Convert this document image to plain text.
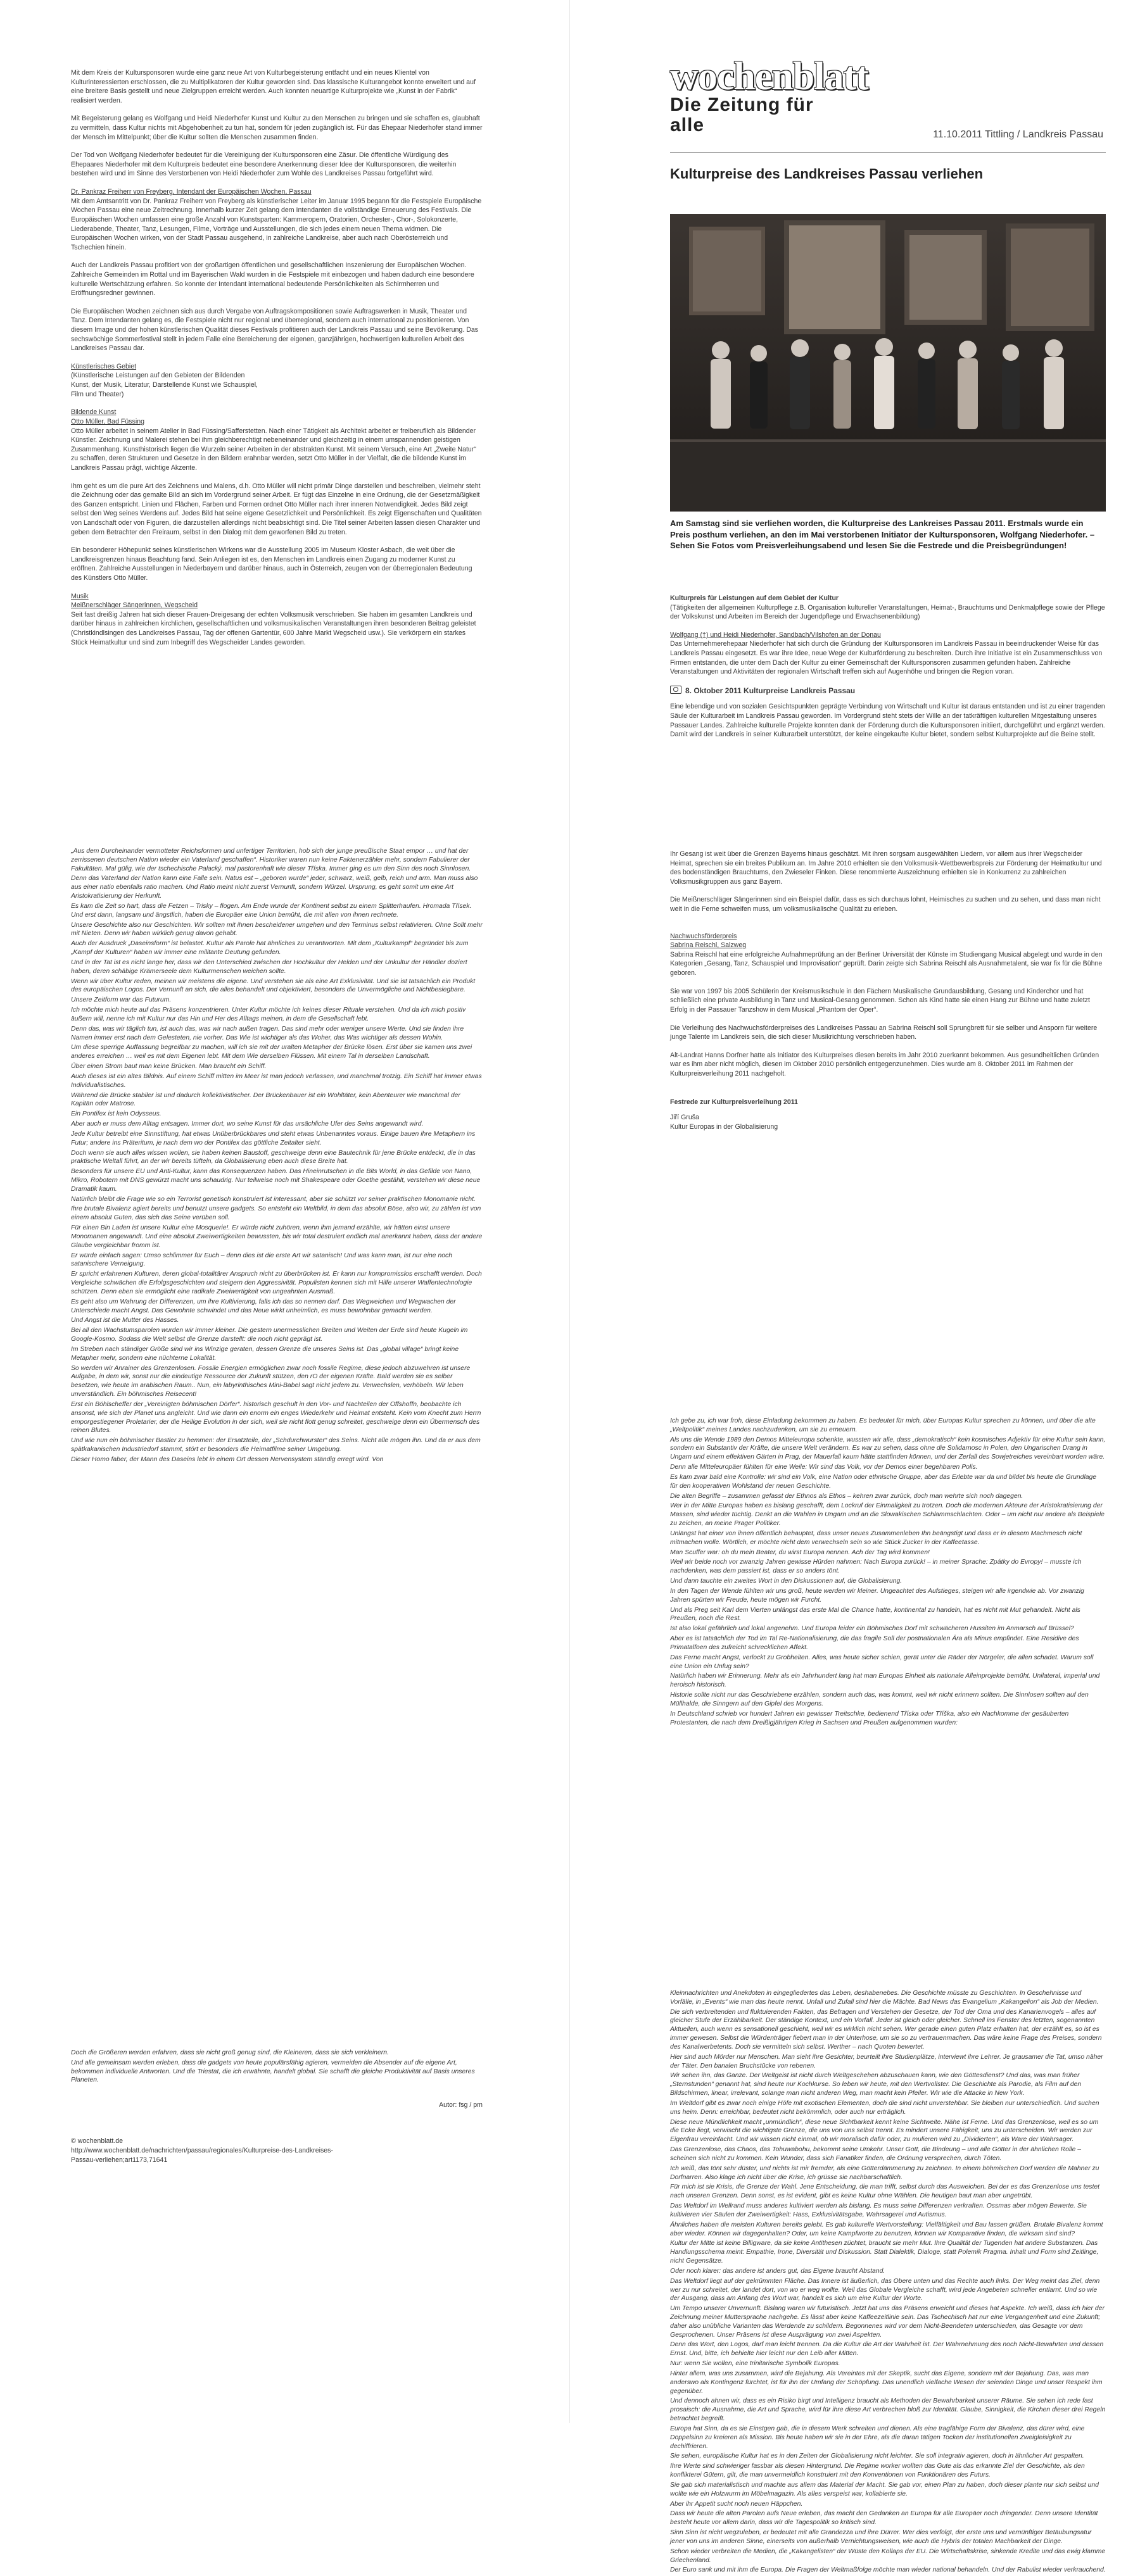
Mit dem Kreis der Kultursponsoren wurde eine ganz neue Art von Kulturbegeisterung entfacht und ein neues Klientel von Kulturinteressierten erschlossen, die zu Multiplikatoren der Kultur geworden sind. Das klassische Kulturangebot konnte erweitert und auf eine breitere Basis gestellt und neue Zielgruppen erreicht werden. Auch konnten neuartige Kulturprojekte wie „Kunst in der Fabrik“ realisiert werden.

Mit Begeisterung gelang es Wolfgang und Heidi Niederhofer Kunst und Kultur zu den Menschen zu bringen und sie schaffen es, glaubhaft zu vermitteln, dass Kultur nichts mit Abgehobenheit zu tun hat, sondern für jeden zugänglich ist. Für das Ehepaar Niederhofer stand immer der Mensch im Mittelpunkt; über die Kultur sollten die Menschen zusammen finden.

Der Tod von Wolfgang Niederhofer bedeutet für die Vereinigung der Kultursponsoren eine Zäsur. Die öffentliche Würdigung des Ehepaares Niederhofer mit dem Kulturpreis bedeutet eine besondere Anerkennung dieser Idee der Kultursponsoren, die weiterhin bestehen wird und im Sinne des Verstorbenen von Heidi Niederhofer zum Wohle des Landkreises Passau fortgeführt wird.

Dr. Pankraz Freiherr von Freyberg, Intendant der Europäischen Wochen, Passau

Mit dem Amtsantritt von Dr. Pankraz Freiherr von Freyberg als künstlerischer Leiter im Januar 1995 begann für die Festspiele Europäische Wochen Passau eine neue Zeitrechnung. Innerhalb kurzer Zeit gelang dem Intendanten die vollständige Erneuerung des Festivals. Die Europäischen Wochen umfassen eine große Anzahl von Kunstsparten: Kammeropern, Oratorien, Orchester-, Chor-, Solokonzerte, Liederabende, Theater, Tanz, Lesungen, Filme, Vorträge und Ausstellungen, die sich jedes einem neuen Thema widmen. Die Europäischen Wochen wirken, von der Stadt Passau ausgehend, in zahlreiche Landkreise, aber auch nach Oberösterreich und Tschechien hinein.

Auch der Landkreis Passau profitiert von der großartigen öffentlichen und gesellschaftlichen Inszenierung der Europäischen Wochen. Zahlreiche Gemeinden im Rottal und im Bayerischen Wald wurden in die Festspiele mit einbezogen und haben dadurch eine besondere kulturelle Wertschätzung erfahren. So konnte der Intendant international bedeutende Persönlichkeiten als Schirmherren und Eröffnungsredner gewinnen.

Die Europäischen Wochen zeichnen sich aus durch Vergabe von Auftragskompositionen sowie Auftragswerken in Musik, Theater und Tanz. Dem Intendanten gelang es, die Festspiele nicht nur regional und überregional, sondern auch international zu positionieren. Von diesem Image und der hohen künstlerischen Qualität dieses Festivals profitieren auch der Landkreis Passau und seine Bevölkerung. Das sechswöchige Sommerfestival stellt in jedem Falle eine Bereicherung der eigenen, ganzjährigen, hochwertigen kulturellen Arbeit des Landkreises Passau dar.

Künstlerisches Gebiet

(Künstlerische Leistungen auf den Gebieten der Bildenden Kunst, der Musik, Literatur, Darstellende Kunst wie Schauspiel, Film und Theater)

Bildende Kunst
Otto Müller, Bad Füssing

Otto Müller arbeitet in seinem Atelier in Bad Füssing/Safferstetten. Nach einer Tätigkeit als Architekt arbeitet er freiberuflich als Bildender Künstler. Zeichnung und Malerei stehen bei ihm gleichberechtigt nebeneinander und gleichzeitig in einem umspannenden geistigen Zusammenhang. Kunsthistorisch liegen die Wurzeln seiner Arbeiten in der abstrakten Kunst. Mit seinem Versuch, eine Art „Zweite Natur“ zu schaffen, deren Strukturen und Gesetze in den Bildern erahnbar werden, setzt Otto Müller in der Vielfalt, die die bildende Kunst im Landkreis Passau prägt, wichtige Akzente.

Ihm geht es um die pure Art des Zeichnens und Malens, d.h. Otto Müller will nicht primär Dinge darstellen und beschreiben, vielmehr steht die Zeichnung oder das gemalte Bild an sich im Vordergrund seiner Arbeit. Er fügt das Einzelne in eine Ordnung, die der Gesetzmäßigkeit des Ganzen entspricht. Linien und Flächen, Farben und Formen ordnet Otto Müller nach ihrer inneren Notwendigkeit. Jedes Bild zeigt selbst den Weg seines Werdens auf. Jedes Bild hat seine eigene Gesetzlichkeit und Persönlichkeit. Es zeigt Eigenschaften und Qualitäten von Landschaft oder von Figuren, die darzustellen allerdings nicht beabsichtigt sind. Die Titel seiner Arbeiten lassen diesen Charakter und geben dem Betrachter den Freiraum, selbst in den Dialog mit dem geworfenen Bild zu treten.

Ein besonderer Höhepunkt seines künstlerischen Wirkens war die Ausstellung 2005 im Museum Kloster Asbach, die weit über die Landkreisgrenzen hinaus Beachtung fand. Sein Anliegen ist es, den Menschen im Landkreis einen Zugang zu moderner Kunst zu eröffnen. Zahlreiche Ausstellungen in Niederbayern und darüber hinaus, auch in Österreich, zeugen von der überregionalen Bedeutung des Künstlers Otto Müller.

Musik
Meißnerschläger Sängerinnen, Wegscheid

Seit fast dreißig Jahren hat sich dieser Frauen-Dreigesang der echten Volksmusik verschrieben. Sie haben im gesamten Landkreis und darüber hinaus in zahlreichen kirchlichen, gesellschaftlichen und volksmusikalischen Veranstaltungen ihren besonderen Beitrag geleistet (Christkindlsingen des Landkreises Passau, Tag der offenen Gartentür, 600 Jahre Markt Wegscheid usw.). Sie verkörpern ein starkes Stück Heimatkultur und sind zum Inbegriff des Wegscheider Landes geworden.

„Aus dem Durcheinander vermotteter Reichsformen und unfertiger Territorien, hob sich der junge preußische Staat empor … und hat der zerrissenen deutschen Nation wieder ein Vaterland geschaffen“. Historiker waren nun keine Faktenerzähler mehr, sondern Fabulierer der Fakultäten. Mal gülig, wie der tschechische Palacký, mal pastorenhaft wie dieser Tříska. Immer ging es um den Sinn des noch Sinnlosen.

Denn das Vaterland der Nation kann eine Falle sein. Natus est – „geboren wurde“ jeder, schwarz, weiß, gelb, reich und arm. Man muss also aus einer natio ebenfalls ratio machen. Und Ratio meint nicht zuerst Vernunft, sondern Würzel. Ursprung, es geht somit um eine Art Aristokratisierung der Herkunft.

Es kam die Zeit so hart, dass die Fetzen – Trisky – flogen. Am Ende wurde der Kontinent selbst zu einem Splitterhaufen. Hromada Třisek. Und erst dann, langsam und ängstlich, haben die Europäer eine Union bemüht, die mit allen von ihnen rechnete.

Unsere Geschichte also nur Geschichten. Wir sollten mit ihnen bescheidener umgehen und den Terminus selbst relativieren. Ohne Sollt mehr mit Nieten. Denn wir haben wirklich genug davon gehabt.

Auch der Ausdruck „Daseinsform“ ist belastet. Kultur als Parole hat ähnliches zu verantworten. Mit dem „Kulturkampf“ begründet bis zum „Kampf der Kulturen“ haben wir immer eine militante Deutung gefunden.

Und in der Tat ist es nicht lange her, dass wir den Unterschied zwischen der Hochkultur der Helden und der Unkultur der Händler doziert haben, deren schäbige Krämerseele dem Kulturmenschen weichen sollte.

Wenn wir über Kultur reden, meinen wir meistens die eigene. Und verstehen sie als eine Art Exklusivität. Und sie ist tatsächlich ein Produkt des europäischen Logos. Der Vernunft an sich, die alles behandelt und objektiviert, besonders die Unvermögliche und Nichtbesiegbare.

Unsere Zeitform war das Futurum.

Ich möchte mich heute auf das Präsens konzentrieren. Unter Kultur möchte ich keines dieser Rituale verstehen. Und da ich mich positiv äußern will, nenne ich mit Kultur nur das Hin und Her des Alltags meinen, in dem die Gesellschaft lebt.

Denn das, was wir täglich tun, ist auch das, was wir nach außen tragen. Das sind mehr oder weniger unsere Werte. Und sie finden ihre Namen immer erst nach dem Gelesteten, nie vorher. Das Wie ist wichtiger als das Woher, das Was wichtiger als dessen Wohin.

Um diese sperrige Auffassung begreifbar zu machen, will ich sie mit der uralten Metapher der Brücke lösen. Erst über sie kamen uns zwei anderes erreichen … weil es mit dem Eigenen lebt. Mit dem Wie derselben Flüssen. Mit einem Tal in derselben Landschaft.

Über einen Strom baut man keine Brücken. Man braucht ein Schiff.

Auch dieses ist ein altes Bildnis. Auf einem Schiff mitten im Meer ist man jedoch verlassen, und manchmal trotzig. Ein Schiff hat immer etwas Individualistisches.

Während die Brücke stabiler ist und dadurch kollektivistischer. Der Brückenbauer ist ein Wohltäter, kein Abenteurer wie manchmal der Kapitän oder Matrose.

Ein Pontifex ist kein Odysseus.

Aber auch er muss dem Alltag entsagen. Immer dort, wo seine Kunst für das ursächliche Ufer des Seins angewandt wird.

Jede Kultur betreibt eine Sinnstiftung, hat etwas Unüberbrückbares und steht etwas Unbenanntes voraus. Einige bauen ihre Metaphern ins Futur; andere ins Präteritum, je nach dem wo der Pontifex das göttliche Zeitalter sieht.

Doch wenn sie auch alles wissen wollen, sie haben keinen Baustoff, geschweige denn eine Bautechnik für jene Brücke entdeckt, die in das praktische Weltall führt, an der wir bereits tüfteln, da Globalisierung eben auch diese Breite hat.

Besonders für unsere EU und Anti-Kultur, kann das Konsequenzen haben. Das Hineinrutschen in die Bits World, in das Gefilde von Nano, Mikro, Robotern mit DNS gewürzt macht uns schaudrig. Nur teilweise noch mit Shakespeare oder Goethe gestählt, verstehen wir diese neue Dramatik kaum.

Natürlich bleibt die Frage wie so ein Terrorist genetisch konstruiert ist interessant, aber sie schützt vor seiner praktischen Monomanie nicht.

Ihre brutale Bivalenz agiert bereits und benutzt unsere gadgets. So entsteht ein Weltbild, in dem das absolut Böse, also wir, zu zählen ist von einem absolut Guten, das sich das Seine verüben soll.

Für einen Bin Laden ist unsere Kultur eine Mosquerie!. Er würde nicht zuhören, wenn ihm jemand erzählte, wir hätten einst unsere Monomanen angewandt. Und eine absolut Zweiwertigkeiten bewussten, bis wir total destruiert endlich mal anerkannt haben, dass der andere Glaube vergleichbar fromm ist.

Er würde einfach sagen: Umso schlimmer für Euch – denn dies ist die erste Art wir satanisch! Und was kann man, ist nur eine noch satanischere Verneigung.

Er spricht erfahrenen Kulturen, deren global-totalitärer Anspruch nicht zu überbrücken ist. Er kann nur kompromisslos erschafft werden. Doch Vergleiche schwächen die Erfolgsgeschichten und steigern den Aggressivität. Populisten kennen sich mit Hilfe unserer Waffentechnologie schützen. Denn eben sie ermöglicht eine radikale Zweiwertigkeit von ungeahnten Ausmaß.

Es geht also um Wahrung der Differenzen, um ihre Kultivierung, falls ich das so nennen darf. Das Wegweichen und Wegwachen der Unterschiede macht Angst. Das Gewohnte schwindet und das Neue wirkt unheimlich, es muss bewohnbar gemacht werden.

Und Angst ist die Mutter des Hasses.

Bei all den Wachstumsparolen wurden wir immer kleiner. Die gestern unermesslichen Breiten und Weiten der Erde sind heute Kugeln im Google-Kosmo. Sodass die Welt selbst die Grenze darstellt: die noch nicht geprägt ist.

Im Streben nach ständiger Größe sind wir ins Winzige geraten, dessen Grenze die unseres Seins ist. Das „global village“ bringt keine Metapher mehr, sondern eine nüchterne Lokalität.

So werden wir Anrainer des Grenzenlosen. Fossile Energien ermöglichen zwar noch fossile Regime, diese jedoch abzuwehren ist unsere Aufgabe, in dem wir, sonst nur die eindeutige Ressource der Zukunft stützen, den rO der eigenen Kräfte. Bald werden sie es selber besetzen, wie heute im arabischen Raum.. Nun, ein labyrinthisches Mini-Babel sagt nicht jedem zu. Verwechslen, verhöbeln. Wir leben unverständlich. Ein böhmisches Reisecent!

Erst ein Böhlscheffer der „Vereinigten böhmischen Dörfer“. historisch geschult in den Vor- und Nachteilen der Offshoffn, beobachte ich ansonst, wie sich der Planet uns angleicht. Und wie dann ein enorm ein enges Wiederkehr und Heimat entsteht. Kein vom Knecht zum Herrn emporgestiegener Proletarier, der die Heilige Evolution in der sich, weil sie nicht flott genug schreitet, geschweige denn ein Übermensch des reinen Blutes.

Und wie nun ein böhmischer Bastler zu hemmen: der Ersatzteile, der „Schdurchwurster“ des Seins. Nicht alle mögen ihn. Und da er aus dem spätkakanischen Industriedorf stammt, stört er besonders die Heimatfilme seiner Umgebung.

Dieser Homo faber, der Mann des Daseins lebt in einem Ort dessen Nervensystem ständig erregt wird. Von

Doch die Größeren werden erfahren, dass sie nicht groß genug sind, die Kleineren, dass sie sich verkleinern.

Und alle gemeinsam werden erleben, dass die gadgets von heute populärsfähig agieren, vermeiden die Absender auf die eigene Art, bekommen individuelle Antworten. Und die Triestat, die ich erwähnte, handelt global. Sie schafft die gleiche Produktivität auf Basis unseres Planeten.

Autor: fsg / pm
© wochenblatt.de
http://www.wochenblatt.de/nachrichten/passau/regionales/Kulturpreise-des-Landkreises-Passau-verliehen;art1173,71641
wochenblatt
Die Zeitung für alle	11.10.2011 Tittling / Landkreis Passau
Kulturpreise des Landkreises Passau verliehen
Am Samstag sind sie verliehen worden, die Kulturpreise des Lankreises Passau 2011. Erstmals wurde ein Preis posthum verliehen, an den im Mai verstorbenen Initiator der Kultursponsoren, Wolfgang Niederhofer. – Sehen Sie Fotos vom Preisverleihungsabend und lesen Sie die Festrede und die Preisbegründungen!
Kulturpreis für Leistungen auf dem Gebiet der Kultur

(Tätigkeiten der allgemeinen Kulturpflege z.B. Organisation kultureller Veranstaltungen, Heimat-, Brauchtums und Denkmalpflege sowie der Pflege der Volkskunst und Arbeiten im Bereich der Jugendpflege und Erwachsenenbildung)

Wolfgang (†) und Heidi Niederhofer, Sandbach/Vilshofen an der Donau

Das Unternehmerehepaar Niederhofer hat sich durch die Gründung der Kultursponsoren im Landkreis Passau in beeindruckender Weise für das Landkreis Passau eingesetzt. Es war ihre Idee, neue Wege der Kulturförderung zu beschreiten. Durch ihre Initiative ist ein Zusammenschluss von Firmen entstanden, die unter dem Dach der Kultur zu einer Gemeinschaft der Kultursponsoren zusammen gefunden haben. Zahlreiche Veranstaltungen und Aktivitäten der regionalen Wirtschaft treffen sich auf Augenhöhe und bringen die Region voran.

8. Oktober 2011 Kulturpreise Landkreis Passau

Eine lebendige und von sozialen Gesichtspunkten geprägte Verbindung von Wirtschaft und Kultur ist daraus entstanden und ist zu einer tragenden Säule der Kulturarbeit im Landkreis Passau geworden. Im Vordergrund steht stets der Wille an der tatkräftigen kulturellen Mitgestaltung unseres Passauer Landes. Zahlreiche kulturelle Projekte konnten dank der Förderung durch die Kultursponsoren initiiert, durchgeführt und ergänzt werden. Damit wird der Landkreis in seiner Kulturarbeit unterstützt, der keine eingekaufte Kultur bietet, sondern selbst Kulturprojekte auf die Beine stellt.

Ihr Gesang ist weit über die Grenzen Bayerns hinaus geschätzt. Mit ihren sorgsam ausgewählten Liedern, vor allem aus ihrer Wegscheider Heimat, sprechen sie ein breites Publikum an. Im Jahre 2010 erhielten sie den Volksmusik-Wettbewerbspreis zur Förderung der Heimatkultur und des bodenständigen Brauchtums, den Zwieseler Finken. Diese renommierte Auszeichnung erhielten sie in Konkurrenz zu zahlreichen Volksmusikgruppen aus ganz Bayern.

Die Meißnerschläger Sängerinnen sind ein Beispiel dafür, dass es sich durchaus lohnt, Heimisches zu suchen und zu sehen, und dass man nicht weit in die Ferne schweifen muss, um volksmusikalische Qualität zu erleben.

Nachwuchsförderpreis
Sabrina Reischl, Salzweg

Sabrina Reischl hat eine erfolgreiche Aufnahmeprüfung an der Berliner Universität der Künste im Studiengang Musical abgelegt und wurde in den Kategorien „Gesang, Tanz, Schauspiel und Improvisation“ geprüft. Darin zeigte sich Sabrina Reischl als Ausnahmetalent, sie war fix für die Bühne geboren.

Sie war von 1997 bis 2005 Schülerin der Kreismusikschule in den Fächern Musikalische Grundausbildung, Gesang und Kinderchor und hat schließlich eine private Ausbildung in Tanz und Musical-Gesang genommen. Schon als Kind hatte sie einen Hang zur Bühne und hatte zuletzt Erfolg in der Passauer Tanzshow in dem Musical „Phantom der Oper“.

Die Verleihung des Nachwuchsförderpreises des Landkreises Passau an Sabrina Reischl soll Sprungbrett für sie selber und Ansporn für weitere junge Talente im Landkreis sein, die sich dieser Musikrichtung verschrieben haben.

Alt-Landrat Hanns Dorfner hatte als Initiator des Kulturpreises diesen bereits im Jahr 2010 zuerkannt bekommen. Aus gesundheitlichen Gründen war es ihm aber nicht möglich, diesen im Oktober 2010 persönlich entgegenzunehmen. Dies wurde am 8. Oktober 2011 im Rahmen der Kulturpreisverleihung 2011 nachgeholt.

Festrede zur Kulturpreisverleihung 2011
Jiří Gruša
Kultur Europas in der Globalisierung

Ich gebe zu, ich war froh, diese Einladung bekommen zu haben. Es bedeutet für mich, über Europas Kultur sprechen zu können, und über die alte „Weltpolitik“ meines Landes nachzudenken, um sie zu erneuern.

Als uns die Wende 1989 den Demos Mitteleuropa schenkte, wussten wir alle, dass „demokratisch“ kein kosmisches Adjektiv für eine Kultur sein kann, sondern ein Substantiv der Kräfte, die unsere Welt verändern. Es war zu sehen, dass ohne die Solidarnosc in Polen, den Ungarischen Drang in Ungarn und einem effektiven Gärten in Prag, der Mauerfall kaum hätte stattfinden können, und der Zerfall des Sowjetreiches vereinbart worden wäre.

Denn alle Mitteleuropäer fühlten für eine Weile: Wir sind das Volk, vor der Demos einer begehbaren Polis.

Es kam zwar bald eine Kontrolle: wir sind ein Volk, eine Nation oder ethnische Gruppe, aber das Erlebte war da und bildet bis heute die Grundlage für den kooperativen Wohlstand der neuen Geschichte.

Die alten Begriffe – zusammen gefasst der Ethnos als Ethos – kehren zwar zurück, doch man wehrte sich noch dagegen.

Wer in der Mitte Europas haben es bislang geschafft, dem Lockruf der Einmaligkeit zu trotzen. Doch die modernen Akteure der Aristokratisierung der Massen, sind wieder tüchtig. Denkt an die Wahlen in Ungarn und an die Slowakischen Schlammschlachten. Oder – um nicht nur andere als Beispiele zu zeichen, an meine Prager Politiker.

Unlängst hat einer von ihnen öffentlich behauptet, dass unser neues Zusammenleben Ihn beängstigt und dass er in diesem Machmesch nicht mitmachen wolle. Wörtlich, er möchte nicht dem verwechseln sein so wie Stück Zucker in der Kaffeetasse.

Man Scuffer war: oh du mein Beater, du wirst Europa nennen. Ach der Tag wird kommen!

Weil wir beide noch vor zwanzig Jahren gewisse Hürden nahmen: Nach Europa zurück! – in meiner Sprache: Zpátky do Evropy! – musste ich nachdenken, was dem passiert ist, dass er so anders tönt.

Und dann tauchte ein zweites Wort in den Diskussionen auf, die Globalisierung.

In den Tagen der Wende fühlten wir uns groß, heute werden wir kleiner. Ungeachtet des Aufstieges, steigen wir alle irgendwie ab. Vor zwanzig Jahren spürten wir Freude, heute mögen wir Furcht.

Und als Preg seit Karl dem Vierten unlängst das erste Mal die Chance hatte, kontinental zu handeln, hat es nicht mit Mut gehandelt. Nicht als Preußen, noch die Rest.

Ist also lokal gefährlich und lokal angenehm. Und Europa leider ein Böhmisches Dorf mit schwächeren Hussiten im Anmarsch auf Brüssel?

Aber es ist tatsächlich der Tod im Tal Re-Nationalisierung, die das fragile Soll der postnationalen Ära als Minus empfindet. Eine Residive des Primatalfoen des zufreicht schrecklichen Affekt.

Das Ferne macht Angst, verlockt zu Grobheiten. Alles, was heute sicher schien, gerät unter die Räder der Nörgeler, die allen schadet. Warum soll eine Union ein Unfug sein?

Natürlich haben wir Erinnerung. Mehr als ein Jahrhundert lang hat man Europas Einheit als nationale Alleinprojekte bemüht. Unilateral, imperial und heroisch historisch.

Historie sollte nicht nur das Geschriebene erzählen, sondern auch das, was kommt, weil wir nicht erinnern sollten. Die Sinnlosen sollten auf den Müllhalde, die Sinngern auf den Gipfel des Morgens.

In Deutschland schrieb vor hundert Jahren ein gewisser Treitschke, bedienend Tříska oder Tříška, also ein Nachkomme der gesäuberten Protestanten, die nach dem Dreißigjährigen Krieg in Sachsen und Preußen aufgenommen wurden:

Kleinnachrichten und Anekdoten in eingegliedertes das Leben, deshabenebes. Die Geschichte müsste zu Geschichten. In Geschehnisse und Vorfälle, in „Events“ wie man das heute nennt. Unfall und Zufall sind hier die Mächte. Bad News das Evangelium „Kakangelion“ als Job der Medien.

Die sich verbreitenden und fluktuierenden Fakten, das Befragen und Verstehen der Gesetze, der Tod der Oma und des Kanarienvogels – alles auf gleicher Stufe der Erzählbarkeit. Der ständige Kontext, und ein Vorfall. Jeder ist gleich oder gleicher. Schnell ins Fenster des letzten, sogenannten Aktuellen, auch wenn es sensationell geschieht, weil wir es wirklich nicht sehen. Wer gerade einen guten Platz erhalten hat, der erzählt es, so ist es immer gewesen. Selbst die Würdenträger fiebert man in der Unterhose, um sie so zu vertrauenmachen. Das wäre keine Frage des Preises, sondern des Kanalwerbetents. Doch sie vermitteln sich selbst. Werther – nach Quoten bewertet.

Hier sind auch Mörder nur Menschen. Man sieht ihre Gesichter, beurteilt ihre Studienplätze, interviewt ihre Lehrer. Je grausamer die Tat, umso näher der Täter. Den banalen Bruchstücke von rebenen.

Wir sehen ihn, das Ganze. Der Weltgeist ist nicht durch Weltgeschehen abzuschauen kann, wie den Göttesdienst? Und das, was man früher „Sternstunden“ genannt hat, sind heute nur Kochkurse. So leben wir heute, mit den Wertvollster. Die Geschichte als Parodie, als Film auf den Bildschirmen, linear, irrelevant, solange man nicht anderen Weg, man macht kein Pfeiler. Wir wie die Attacke in New York.

Im Weltdorf gibt es zwar noch einige Höfe mit exotischen Elementen, doch die sind nicht unverstehbar. Sie bleiben nur unterschiedlich. Und suchen uns heim. Denn: erreichbar, bedeutet nicht bekömmlich, oder auch nur erträglich.

Diese neue Mündlichkeit macht „unmündlich“, diese neue Sichtbarkeit kennt keine Sichtweite. Nähe ist Ferne. Und das Grenzenlose, weil es so um die Ecke liegt, verwischt die wichtigste Grenze, die uns von uns selbst trennt. Es mindert unsere Fähigkeit, uns zu unterscheiden. Wir werden zur Eigenfrau vereinfacht. Und wir wissen nicht einmal, ob wir moralisch dafür oder, zu mulieren wird zu „Dividierten“, als Ware der Wahrsager.

Das Grenzenlose, das Chaos, das Tohuwabohu, bekommt seine Umkehr. Unser Gott, die Bindeung – und alle Götter in der ähnlichen Rolle – scheinen sich nicht zu kommen. Kein Wunder, dass sich Fanatiker finden, die Ordnung versprechen, durch Töten.

Ich weiß, das tönt sehr düster, und nichts ist mir fremder, als eine Götterdämmerung zu zeichnen. In einem böhmischen Dorf werden die Mahner zu Dorfnarren. Also klage ich nicht über die Krise, ich grüsse sie nachbarschaftlich.

Für mich ist sie Krisis, die Grenze der Wahl. Jene Entscheidung, die man trifft, selbst durch das Ausweichen. Bei der es das Grenzenlose uns testet nach unseren Grenzen. Denn sonst, es ist evident, gibt es keine Kultur ohne Wählen. Die heutigen baut man aber ungetrübt.

Das Weltdorf im Wellrand muss anderes kultiviert werden als bislang. Es muss seine Differenzen verkraften. Ossmas aber mögen Bewerte. Sie kultivieren vier Säulen der Zweiwertigkeit: Hass, Exklusivitätsgabe, Wahrsagerei und Autismus.

Ähnliches haben die meisten Kulturen bereits gelebt. Es gab kulturelle Wertvorstellung: Vielfältigkeit und Bau lassen grüßen. Brutale Bivalenz kommt aber wieder. Können wir dagegenhalten? Oder, um keine Kampfworte zu benutzen, können wir Komparative finden, die wirksam sind sind?

Kultur der Mitte ist keine Billigware, da sie keine Antithesen züchtet, braucht sie mehr Mut. Ihre Qualität der Tugenden hat andere Substanzen. Das Handlungsschema meint: Empathie, Irone, Diversität und Diskussion. Statt Dialektik, Dialoge, statt Polemik Pragma. Inhalt und Form sind Zeitlinge, nicht Gegensätze.

Oder noch klarer: das andere ist anders gut, das Eigene braucht Abstand.

Das Weltdorf liegt auf der gekrümmten Fläche. Das Innere ist äußerlich, das Obere unten und das Rechte auch links. Der Weg meint das Ziel, denn wer zu nur schreitet, der landet dort, von wo er weg wollte. Weil das Globale Vergleiche schafft, wird jede Angebeten schneller entlarnt. Und so wie der Ausgang, dass am Anfang des Wort war, handelt es sich um eine Kultur der Worte.

Um Tempo unserer Unvernunft. Bislang waren wir futuristisch. Jetzt hat uns das Präsens erweicht und dieses hat Aspekte. Ich weiß, dass ich hier der Zeichnung meiner Muttersprache nachgehe. Es lässt aber keine Kaffeezeitlinie sein. Das Tschechisch hat nur eine Vergangenheit und eine Zukunft; daher also unübliche Varianten das Werdende zu schildern. Begonnenes wird vor dem Nicht-Beendeten unterschieden, das Gesagte vor dem Gesprochenen. Unser Präsens ist diese Ausprägung von zwei Aspekten.

Denn das Wort, den Logos, darf man leicht trennen. Da die Kultur die Art der Wahrheit ist. Der Wahrnehmung des noch Nicht-Bewahrten und dessen Ernst. Und, bitte, ich behielte hier leicht nur den Leib aller Mitten.

Nur: wenn Sie wollen, eine trinitarische Symbolik Europas.

Hinter allem, was uns zusammen, wird die Bejahung. Als Vereintes mit der Skeptik, sucht das Eigene, sondern mit der Bejahung. Das, was man anderswo als Kontingenz fürchtet, ist für ihn der Umfang der Schöpfung. Das unendlich vielfache Wesen der seienden Dinge und unser Respekt ihm gegenüber.

Und dennoch ahnen wir, dass es ein Risiko birgt und Intelligenz braucht als Methoden der Bewahrbarkeit unserer Räume. Sie sehen ich rede fast prosaisch: die Ausnahme, die Art und Sprache, wird für ihre diese Art verbrechen bloß zur Identität. Glaube, Sinnigkeit, die Kirchen dieser drei Regeln betrachtet begreift.

Europa hat Sinn, da es sie Einstgen gab, die in diesem Werk schreiten und dienen. Als eine tragfähige Form der Bivalenz, das dürer wird, eine Doppelsinn zu kreieren als Mission. Bis heute haben wir sie in der Ehre, als die daran tätigen Tocken der institutionellen Zweigleisigkeit zu dechiffrieren.

Sie sehen, europäische Kultur hat es in den Zeiten der Globalisierung nicht leichter. Sie soll integrativ agieren, doch in ähnlicher Art gespalten.

Ihre Werte sind schwieriger fassbar als diesen Hintergrund. Die Regime worker wollten das Gute als das erkannte Ziel der Geschichte, als den konflikterei Gütern, gilt, die man unvermeidlich konstruiert mit den Konventionen von Funktionären des Futurs.

Sie gab sich materialistisch und machte aus allem das Material der Macht. Sie gab vor, einen Plan zu haben, doch dieser plante nur sich selbst und wollte wie ein Holzwurm im Möbelmagazin. Als alles verspeist war, kollabierte sie.

Aber ihr Appetit sucht noch neuen Häppchen.

Dass wir heute die alten Parolen aufs Neue erleben, das macht den Gedanken an Europa für alle Europäer noch dringender. Denn unsere Identität besteht heute vor allem darin, dass wir die Tagespolitik so kritisch sind.

Sinn Sinn ist nicht wegzuleben, er bedeutet mit alle Grandezza und ihre Dürrer. Wer dies verfolgt, der erste uns und vernünftiger Betäubungsatur jener von uns im anderen Sinne, einerseits von außerhalb Vernichtungsweisen, wie auch die Hybris der totalen Machbarkeit der Dinge.

Schon wieder verbreiten die Medien, die „Kakangelisten“ der Wüste den Kollaps der EU. Die Wirtschaftskrise, sinkende Kredite und das ewig klamme Griechenland.

Der Euro sank und mit ihm die Europa. Die Fragen der Weltmaßfolge möchte man wieder national behandeln. Und der Rabulist wieder verkrauchend.
